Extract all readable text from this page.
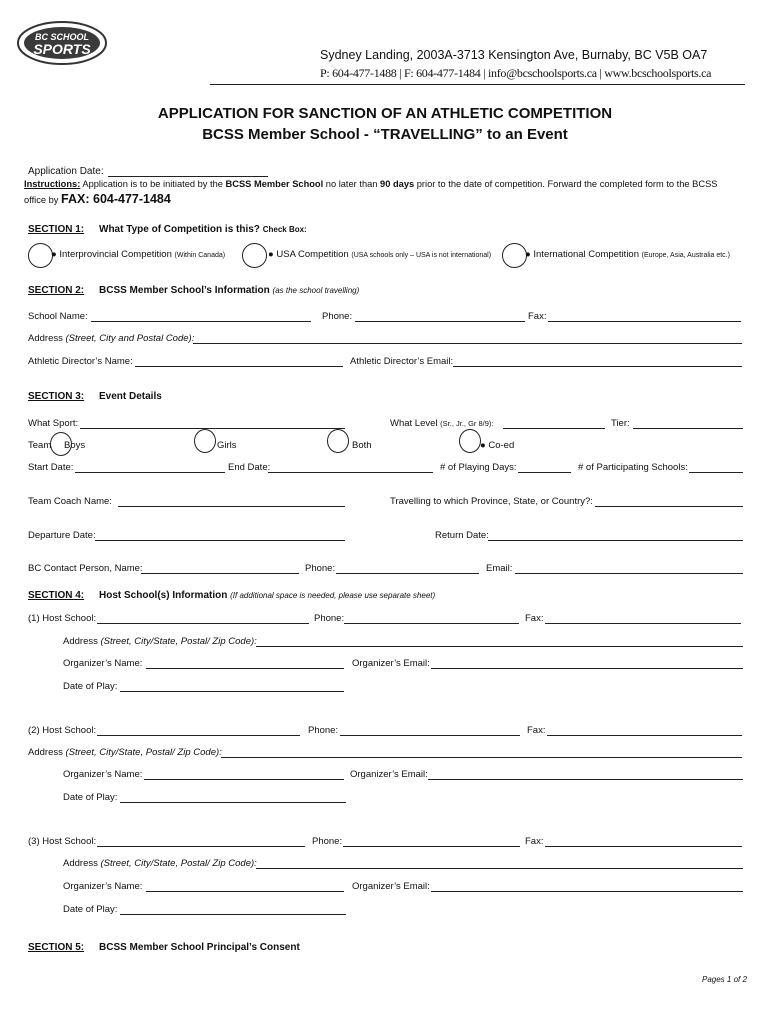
BC SCHOOL
SPORTS	Sydney Landing, 2003A-3713 Kensington Ave, Burnaby, BC V5B OA7
P: 604-477-1488 | F: 604-477-1484 | info@bcschoolsports.ca | www.bcschoolsports.ca
APPLICATION FOR SANCTION OF AN ATHLETIC COMPETITION
BCSS Member School - “TRAVELLING” to an Event
Application Date:
Instructions: Application is to be initiated by the BCSS Member School no later than 90 days prior to the date of competition. Forward the completed form to the BCSS
office by FAX: 604-477-1484
SECTION 1: What Type of Competition is this? Check Box:
● Interprovincial Competition (Within Canada)	● USA Competition (USA schools only – USA is not international)	● International Competition (Europe, Asia, Australia etc.)
SECTION 2: BCSS Member School’s Information (as the school travelling)
School Name:	Phone:	Fax:
Address (Street, City and Postal Code):
Athletic Director’s Name:	Athletic Director’s Email:
SECTION 3: Event Details
What Sport:	What Level (Sr., Jr., Gr 8/9):	Tier:
Team Boys	Girls	Both	● Co-ed
Start Date:	End Date:	# of Playing Days:	# of Participating Schools:
Team Coach Name:	Travelling to which Province, State, or Country?:
Departure Date:	Return Date:
BC Contact Person, Name:	Phone:	Email:
SECTION 4: Host School(s) Information (If additional space is needed, please use separate sheet)
(1) Host School:	Phone:	Fax:
Address (Street, City/State, Postal/ Zip Code):
Organizer’s Name:	Organizer’s Email:
Date of Play:
(2) Host School:	Phone:	Fax:
Address (Street, City/State, Postal/ Zip Code):
Organizer’s Name:	Organizer’s Email:
Date of Play:
(3) Host School:	Phone:	Fax:
Address (Street, City/State, Postal/ Zip Code):
Organizer’s Name:	Organizer’s Email:
Date of Play:
SECTION 5: BCSS Member School Principal’s Consent
Pages 1 of 2
